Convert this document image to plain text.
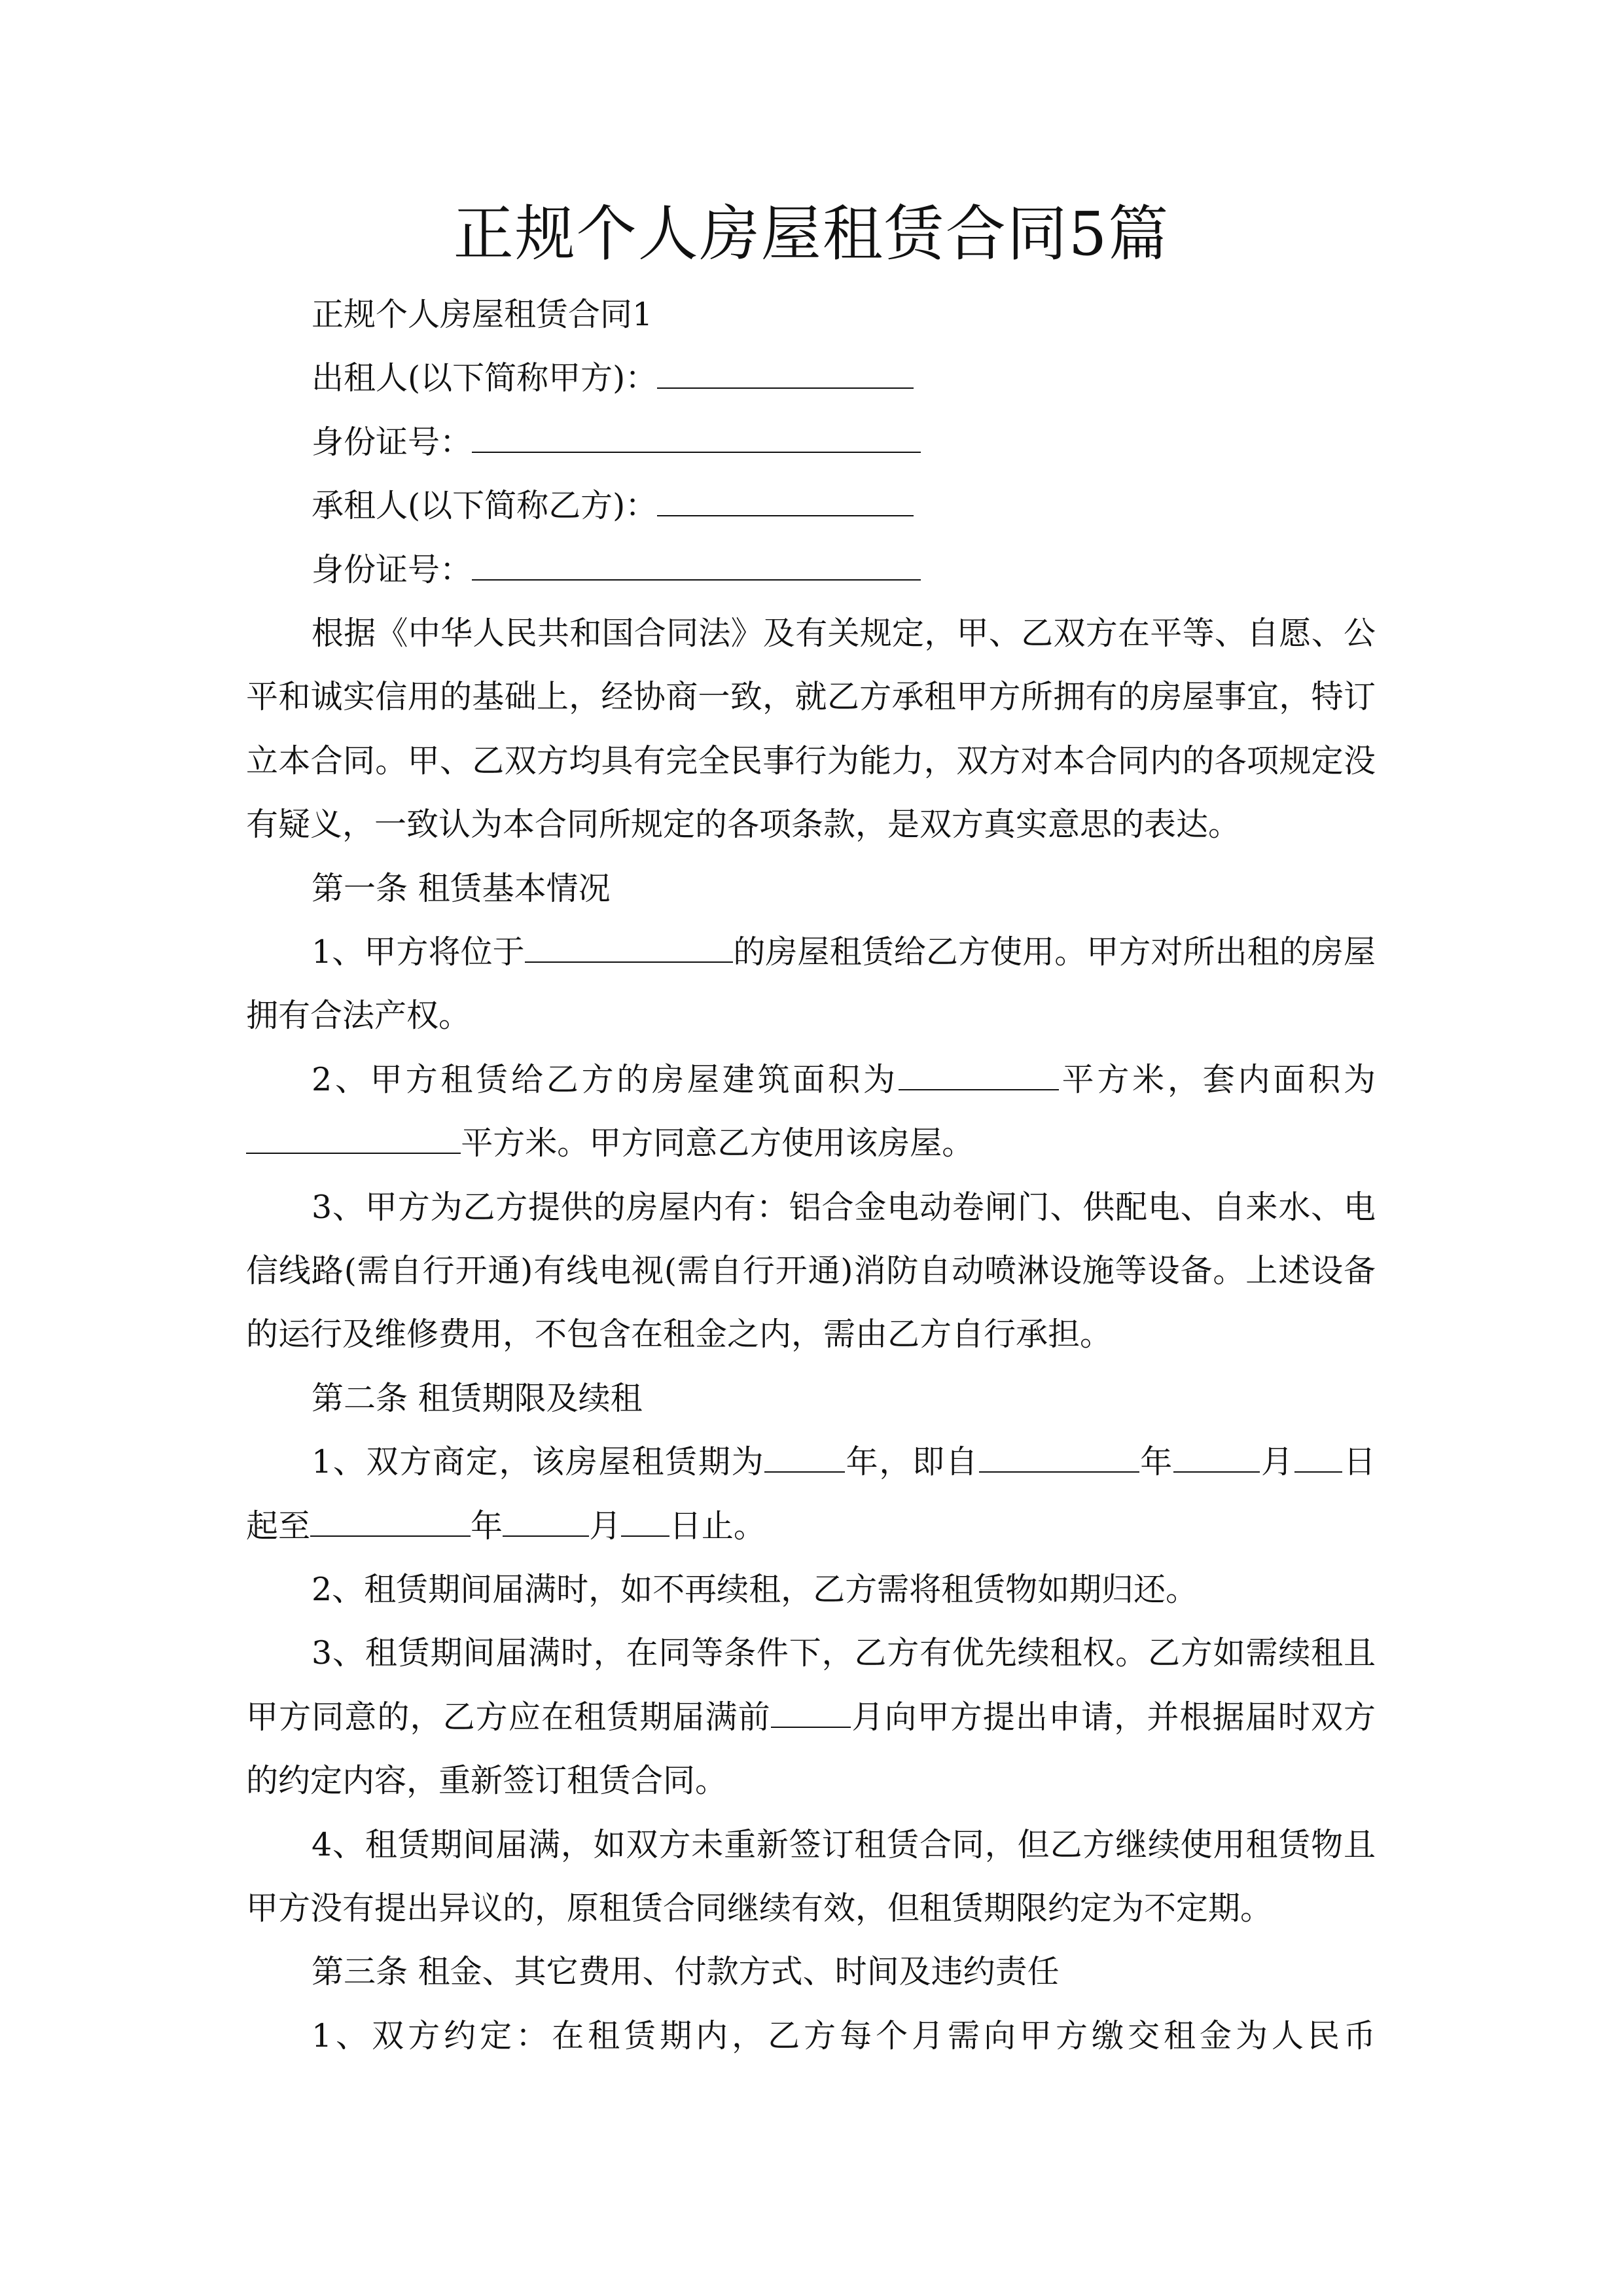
正规个人房屋租赁合同5篇
正规个人房屋租赁合同1
出租人(以下简称甲方)：
身份证号：
承租人(以下简称乙方)：
身份证号：
根据《中华人民共和国合同法》及有关规定，甲、乙双方在平等、自愿、公
平和诚实信用的基础上，经协商一致，就乙方承租甲方所拥有的房屋事宜，特订
立本合同。甲、乙双方均具有完全民事行为能力，双方对本合同内的各项规定没
有疑义，一致认为本合同所规定的各项条款，是双方真实意思的表达。
第一条 租赁基本情况
1、甲方将位于	的房屋租赁给乙方使用。甲方对所出租的房屋
拥有合法产权。
2、甲方租赁给乙方的房屋建筑面积为	平方米，套内面积为
平方米。甲方同意乙方使用该房屋。
3、甲方为乙方提供的房屋内有：铝合金电动卷闸门、供配电、自来水、电
信线路(需自行开通)有线电视(需自行开通)消防自动喷淋设施等设备。上述设备
的运行及维修费用，不包含在租金之内，需由乙方自行承担。
第二条 租赁期限及续租
1、双方商定，该房屋租赁期为	年，即自	年	月 日
起至	年	月 日止。
2、租赁期间届满时，如不再续租，乙方需将租赁物如期归还。
3、租赁期间届满时，在同等条件下，乙方有优先续租权。乙方如需续租且
甲方同意的，乙方应在租赁期届满前	月向甲方提出申请，并根据届时双方
的约定内容，重新签订租赁合同。
4、租赁期间届满，如双方未重新签订租赁合同，但乙方继续使用租赁物且
甲方没有提出异议的，原租赁合同继续有效，但租赁期限约定为不定期。
第三条 租金、其它费用、付款方式、时间及违约责任
1、双方约定：在租赁期内，乙方每个月需向甲方缴交租金为人民币
